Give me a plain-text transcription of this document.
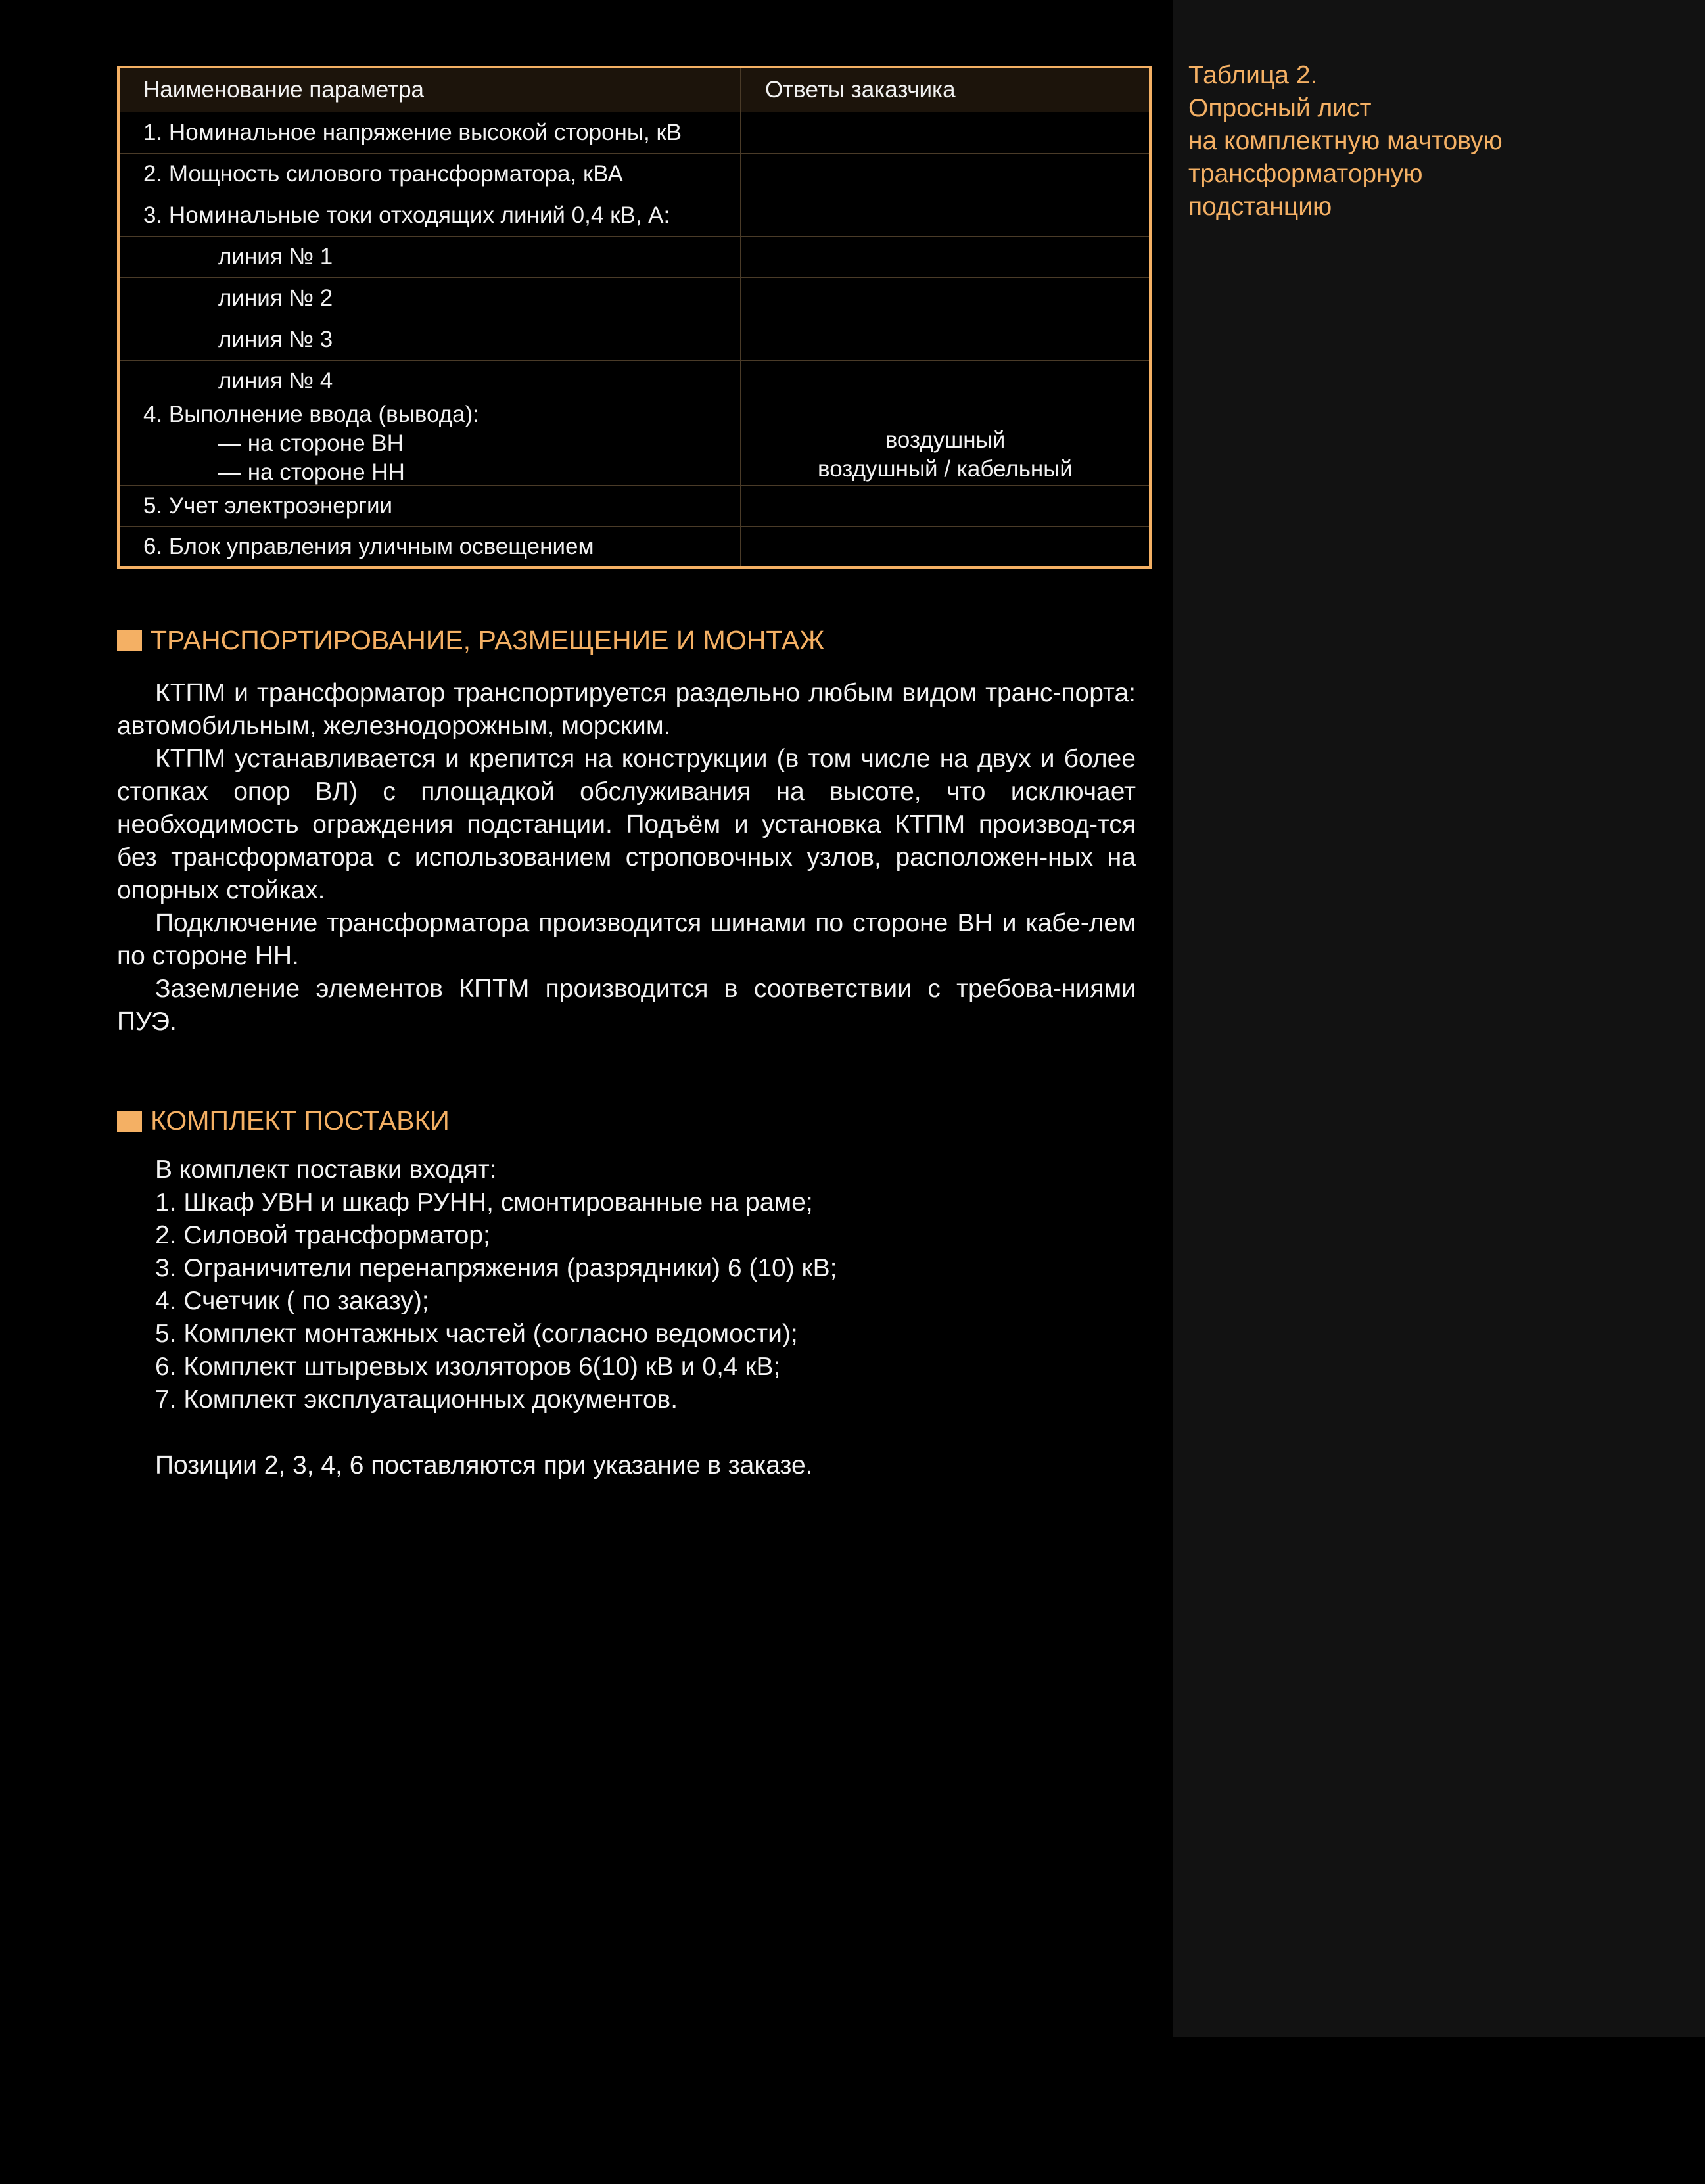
Таблица 2.
Опросный лист
на комплектную мачтовую
трансформаторную
подстанцию
Наименование параметра	Ответы заказчика
1. Номинальное напряжение высокой стороны, кВ
2. Мощность силового трансформатора, кВА
3. Номинальные токи отходящих линий 0,4 кВ, А:
линия № 1
линия № 2
линия № 3
линия № 4
4. Выполнение ввода (вывода):
— на стороне ВН
— на стороне НН
воздушный
воздушный / кабельный
5. Учет электроэнергии
6. Блок управления уличным освещением
ТРАНСПОРТИРОВАНИЕ, РАЗМЕЩЕНИЕ И МОНТАЖ

КТПМ и трансформатор транспортируется раздельно любым видом транс-порта: автомобильным, железнодорожным, морским.

КТПМ устанавливается и крепится на конструкции (в том числе на двух и более стопках опор ВЛ) с площадкой обслуживания на высоте, что исключает необходимость ограждения подстанции. Подъём и установка КТПМ производ-тся без трансформатора с использованием строповочных узлов, расположен-ных на опорных стойках.

Подключение трансформатора производится шинами по стороне ВН и кабе-лем по стороне НН.

Заземление элементов КПТМ производится в соответствии с требова-ниями ПУЭ.

КОМПЛЕКТ ПОСТАВКИ
В комплект поставки входят:
1. Шкаф УВН и шкаф РУНН, смонтированные на раме;
2. Силовой трансформатор;
3. Ограничители перенапряжения (разрядники) 6 (10) кВ;
4. Счетчик ( по заказу);
5. Комплект монтажных частей (согласно ведомости);
6. Комплект штыревых изоляторов 6(10) кВ и 0,4 кВ;
7. Комплект эксплуатационных документов.
Позиции 2, 3, 4, 6 поставляются при указание в заказе.
